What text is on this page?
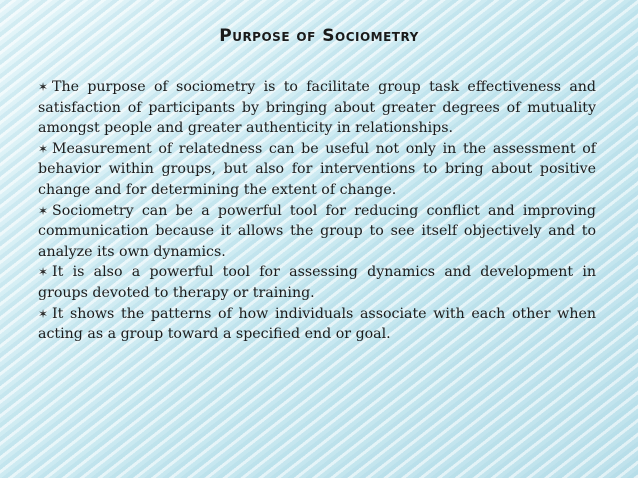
Purpose of Sociometry
✶ The purpose of sociometry is to facilitate group task effectiveness and satisfaction of participants by bringing about greater degrees of mutuality amongst people and greater authenticity in relationships.
✶ Measurement of relatedness can be useful not only in the assessment of behavior within groups, but also for interventions to bring about positive change and for determining the extent of change.
✶ Sociometry can be a powerful tool for reducing conflict and improving communication because it allows the group to see itself objectively and to analyze its own dynamics.
✶ It is also a powerful tool for assessing dynamics and development in groups devoted to therapy or training.
✶ It shows the patterns of how individuals associate with each other when acting as a group toward a specified end or goal.
